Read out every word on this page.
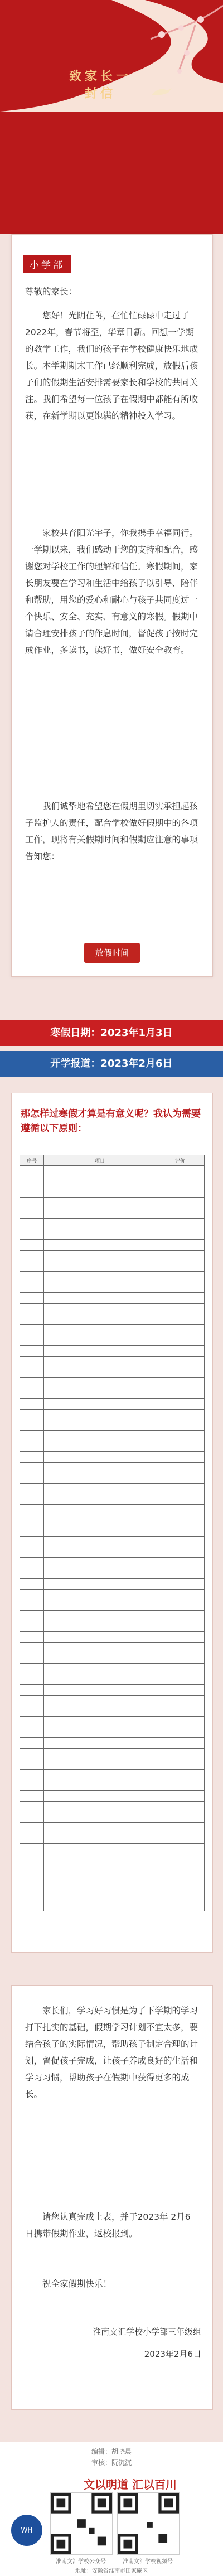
致家长一封信
小学部
尊敬的家长：

您好！光阴荏苒，在忙忙碌碌中走过了2022年，春节将至，华章日新。回想一学期的教学工作，我们的孩子在学校健康快乐地成长。本学期期末工作已经顺利完成，放假后孩子们的假期生活安排需要家长和学校的共同关注。我们希望每一位孩子在假期中都能有所收获，在新学期以更饱满的精神投入学习。

家校共育阳光宇子，你我携手幸福同行。一学期以来，我们感动于您的支持和配合，感谢您对学校工作的理解和信任。寒假期间，家长朋友要在学习和生活中给孩子以引导、陪伴和帮助，用您的爱心和耐心与孩子共同度过一个快乐、安全、充实、有意义的寒假。假期中请合理安排孩子的作息时间，督促孩子按时完成作业，多读书，读好书，做好安全教育。

我们诚挚地希望您在假期里切实承担起孩子监护人的责任，配合学校做好假期中的各项工作，现将有关假期时间和假期应注意的事项告知您：

放假时间
寒假日期：2023年1月3日
开学报道：2023年2月6日
那怎样过寒假才算是有意义呢？我认为需要遵循以下原则：
序号	项目	评价

家长们，学习好习惯是为了下学期的学习打下扎实的基础，假期学习计划不宜太多，要结合孩子的实际情况，帮助孩子制定合理的计划，督促孩子完成，让孩子养成良好的生活和学习习惯，帮助孩子在假期中获得更多的成长。

请您认真完成上表，并于2023年 2月6日携带假期作业，返校报到。

祝全家假期快乐！

淮南文汇学校小学部三年级组
2023年2月6日
编辑：胡晓晨
审核：阮沉沉
WH
淮南文汇学校公众号	淮南文汇学校视频号
文以明道 汇以百川
地址：安徽省淮南市田家庵区
